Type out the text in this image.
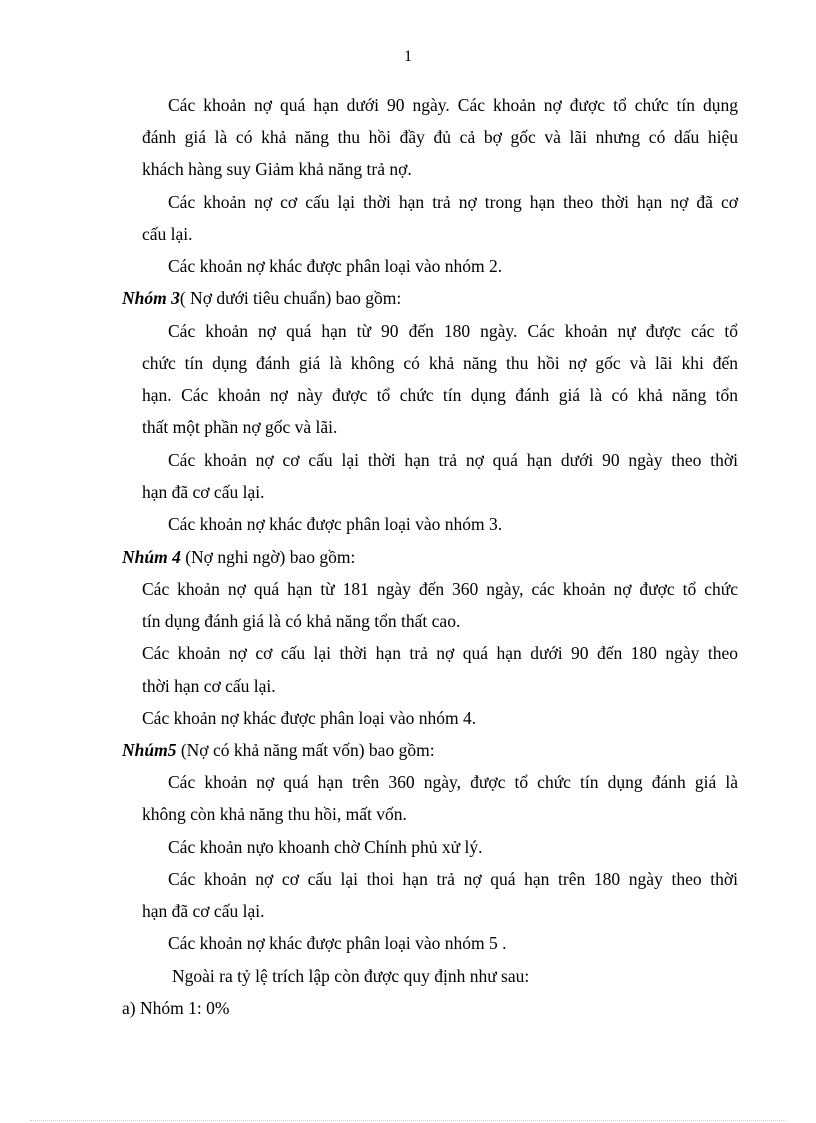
1
Các khoản nợ quá hạn dưới 90 ngày. Các khoản nợ được tổ chức tín dụng
đánh giá là có khả năng thu hồi đầy đủ cả bợ gốc và lãi nhưng có dấu hiệu
khách hàng suy Giảm khả năng trả nợ.
Các khoản nợ cơ cấu lại thời hạn trả nợ trong hạn theo thời hạn nợ đã cơ
cấu lại.
Các khoản nợ khác được phân loại vào nhóm 2.
Nhóm 3( Nợ dưới tiêu chuẩn) bao gồm:
Các khoản nợ quá hạn từ 90 đến 180 ngày. Các khoản nự được các tổ
chức tín dụng đánh giá là không có khả năng thu hồi nợ gốc và lãi khi đến
hạn. Các khoản nợ này được tổ chức tín dụng đánh giá là có khả năng tổn
thất một phần nợ gốc và lãi.
Các khoản nợ cơ cấu lại thời hạn trả nợ quá hạn dưới 90 ngày theo thời
hạn đã cơ cấu lại.
Các khoản nợ khác được phân loại vào nhóm 3.
Nhúm 4 (Nợ nghi ngờ) bao gồm:
Các khoản nợ quá hạn từ 181 ngày đến 360 ngày, các khoản nợ được tổ chức
tín dụng đánh giá là có khả năng tổn thất cao.
Các khoản nợ cơ cấu lại thời hạn trả nợ quá hạn dưới 90 đến 180 ngày theo
thời hạn cơ cấu lại.
Các khoản nợ khác được phân loại vào nhóm 4.
Nhúm5 (Nợ có khả năng mất vốn) bao gồm:
Các khoản nợ quá hạn trên 360 ngày, được tổ chức tín dụng đánh giá là
không còn khả năng thu hồi, mất vốn.
Các khoản nựo khoanh chờ Chính phủ xử lý.
Các khoản nợ cơ cấu lại thoi hạn trả nợ quá hạn trên 180 ngày theo thời
hạn đã cơ cấu lại.
Các khoản nợ khác được phân loại vào nhóm 5 .
Ngoài ra tỷ lệ trích lập còn được quy định như sau:
a) Nhóm 1: 0%
